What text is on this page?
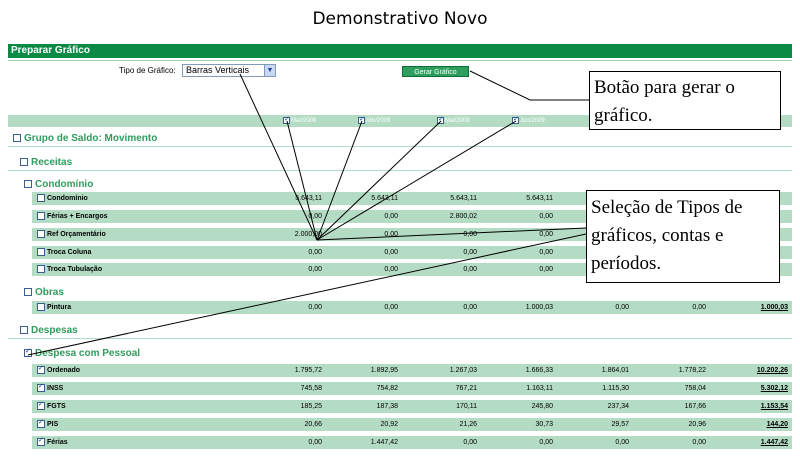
Demonstrativo Novo
Preparar Gráfico
Tipo de Gráfico:	Barras Verticais	▼	Gerar Gráfico
✓Mar/2009 ✓	Abr/2009 ✓	Mai/2009 ✓	Jun/2009
Grupo de Saldo: Movimento
Receitas
Condomínio
Obras
Despesas
✓Despesa com Pessoal
Condomínio	5.643,11	5.643,11	5.643,11	5.643,11
Férias + Encargos	0,00	0,00	2.800,02	0,00
Ref Orçamentário	2.000,00	0,00	0,00	0,00
Troca Coluna	0,00	0,00	0,00	0,00
Troca Tubulação	0,00	0,00	0,00	0,00
Pintura	0,00	0,00	0,00	1.000,03	0,00	0,00	1.000,03
✓Ordenado	1.795,72	1.892,95	1.267,03	1.666,33	1.864,01	1.778,22	10.202,26
✓INSS	745,58	754,82	767,21	1.163,11	1.115,30	758,04	5.302,12
✓FGTS	185,25	187,38	170,11	245,80	237,34	167,66	1.153,54
✓PIS	20,66	20,92	21,26	30,73	29,57	20,96	144,20
✓Férias	0,00	1.447,42	0,00	0,00	0,00	0,00	1.447,42
Botão para gerar o gráfico.
Seleção de Tipos de gráficos, contas e períodos.
